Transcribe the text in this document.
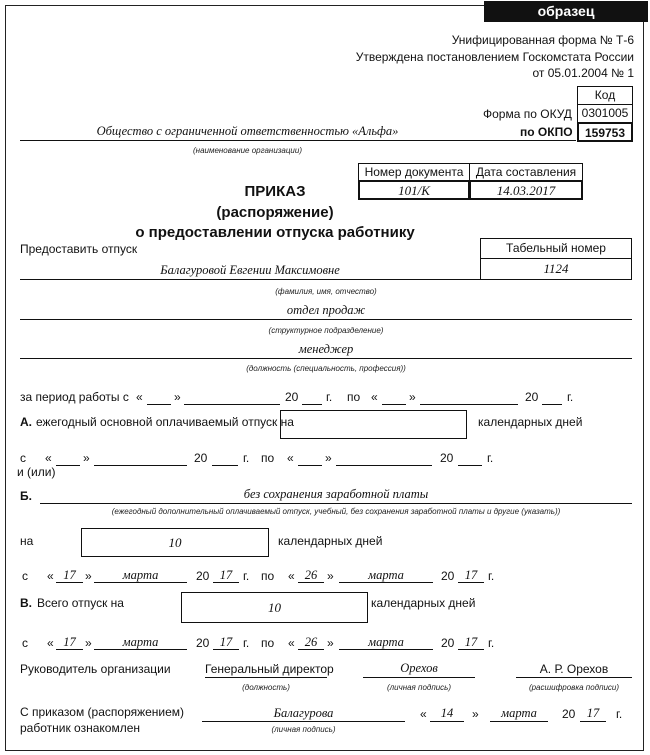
образец
Унифицированная форма № Т-6
Утверждена постановлением Госкомстата России
от 05.01.2004 № 1
Код
Форма по ОКУД 0301005
по ОКПО	159753
Общество с ограниченной ответственностью «Альфа»
(наименование организации)
Номер документа	Дата составления
101/К	14.03.2017
ПРИКАЗ
(распоряжение)
о предоставлении отпуска работнику
Предоставить отпуск	Табельный номер
1124
Балагуровой Евгении Максимовне
(фамилия, имя, отчество)
отдел продаж
(структурное подразделение)
менеджер
(должность (специальность, профессия))
за период работы с «	»	20 г. по «	»	20 г.
А. ежегодный основной оплачиваемый отпуск на	календарных дней
с «	»	20	г. по «	»	20	г.
и (или)
Б.	без сохранения заработной платы
(ежегодный дополнительный оплачиваемый отпуск, учебный, без сохранения заработной платы и другие (указать))
на	10	календарных дней
с « 17 »	марта	20 17 г. по « 26 »	марта	20 17 г.
В. Всего отпуск на	10	календарных дней
с « 17 »	марта	20 17 г. по « 26 »	марта	20 17 г.
Руководитель организации	Генеральный директор
(должность)
Орехов
(личная подпись)
А. Р. Орехов
(расшифровка подписи)
С приказом (распоряжением)
работник ознакомлен
Балагурова
(личная подпись)
«	14	»	марта	20 17	г.
